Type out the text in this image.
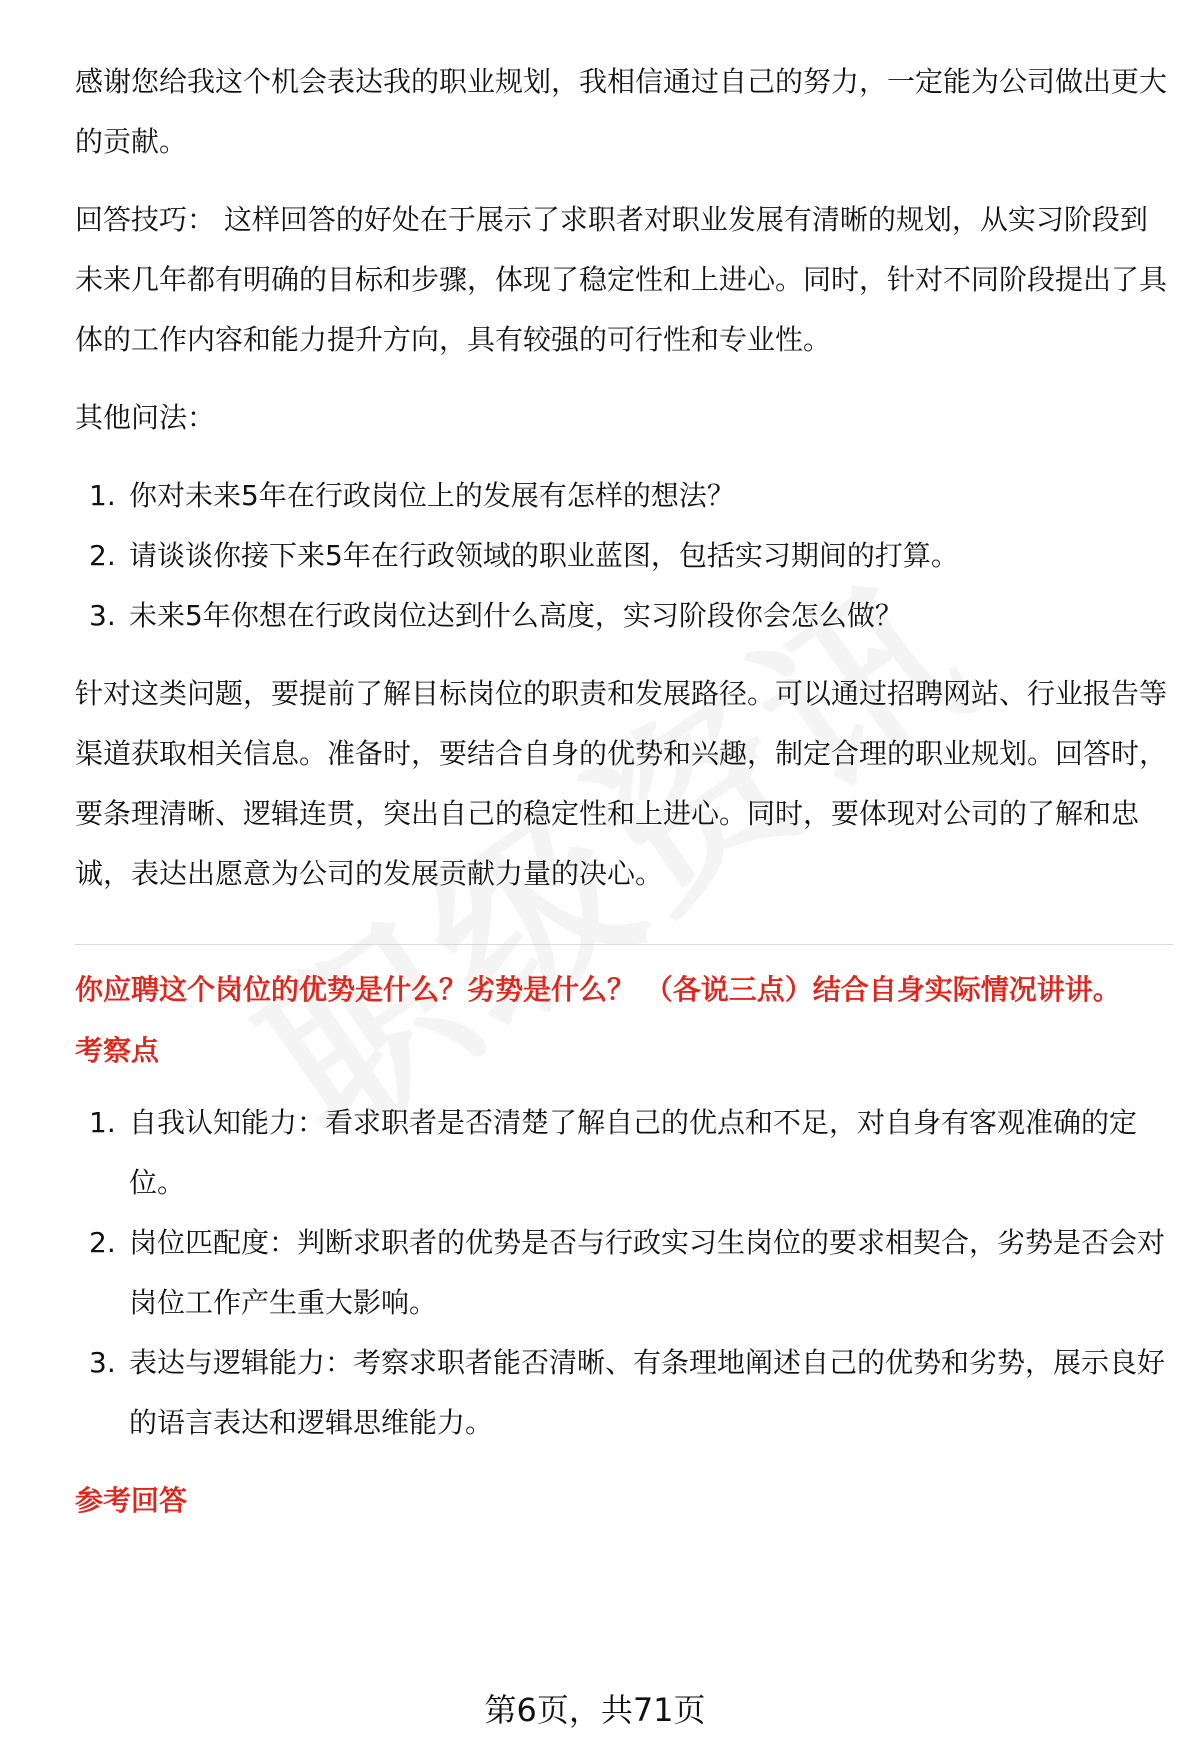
感谢您给我这个机会表达我的职业规划，我相信通过自己的努力，一定能为公司做出更大的贡献。

回答技巧： 这样回答的好处在于展示了求职者对职业发展有清晰的规划，从实习阶段到未来几年都有明确的目标和步骤，体现了稳定性和上进心。同时，针对不同阶段提出了具体的工作内容和能力提升方向，具有较强的可行性和专业性。

其他问法：

1. 你对未来5年在行政岗位上的发展有怎样的想法？
2. 请谈谈你接下来5年在行政领域的职业蓝图，包括实习期间的打算。
3. 未来5年你想在行政岗位达到什么高度，实习阶段你会怎么做？

针对这类问题，要提前了解目标岗位的职责和发展路径。可以通过招聘网站、行业报告等渠道获取相关信息。准备时，要结合自身的优势和兴趣，制定合理的职业规划。回答时，要条理清晰、逻辑连贯，突出自己的稳定性和上进心。同时，要体现对公司的了解和忠诚，表达出愿意为公司的发展贡献力量的决心。

你应聘这个岗位的优势是什么？劣势是什么？ （各说三点）结合自身实际情况讲讲。

考察点

1. 自我认知能力：看求职者是否清楚了解自己的优点和不足，对自身有客观准确的定位。
2. 岗位匹配度：判断求职者的优势是否与行政实习生岗位的要求相契合，劣势是否会对岗位工作产生重大影响。
3. 表达与逻辑能力：考察求职者能否清晰、有条理地阐述自己的优势和劣势，展示良好的语言表达和逻辑思维能力。

参考回答

第6页，共71页
